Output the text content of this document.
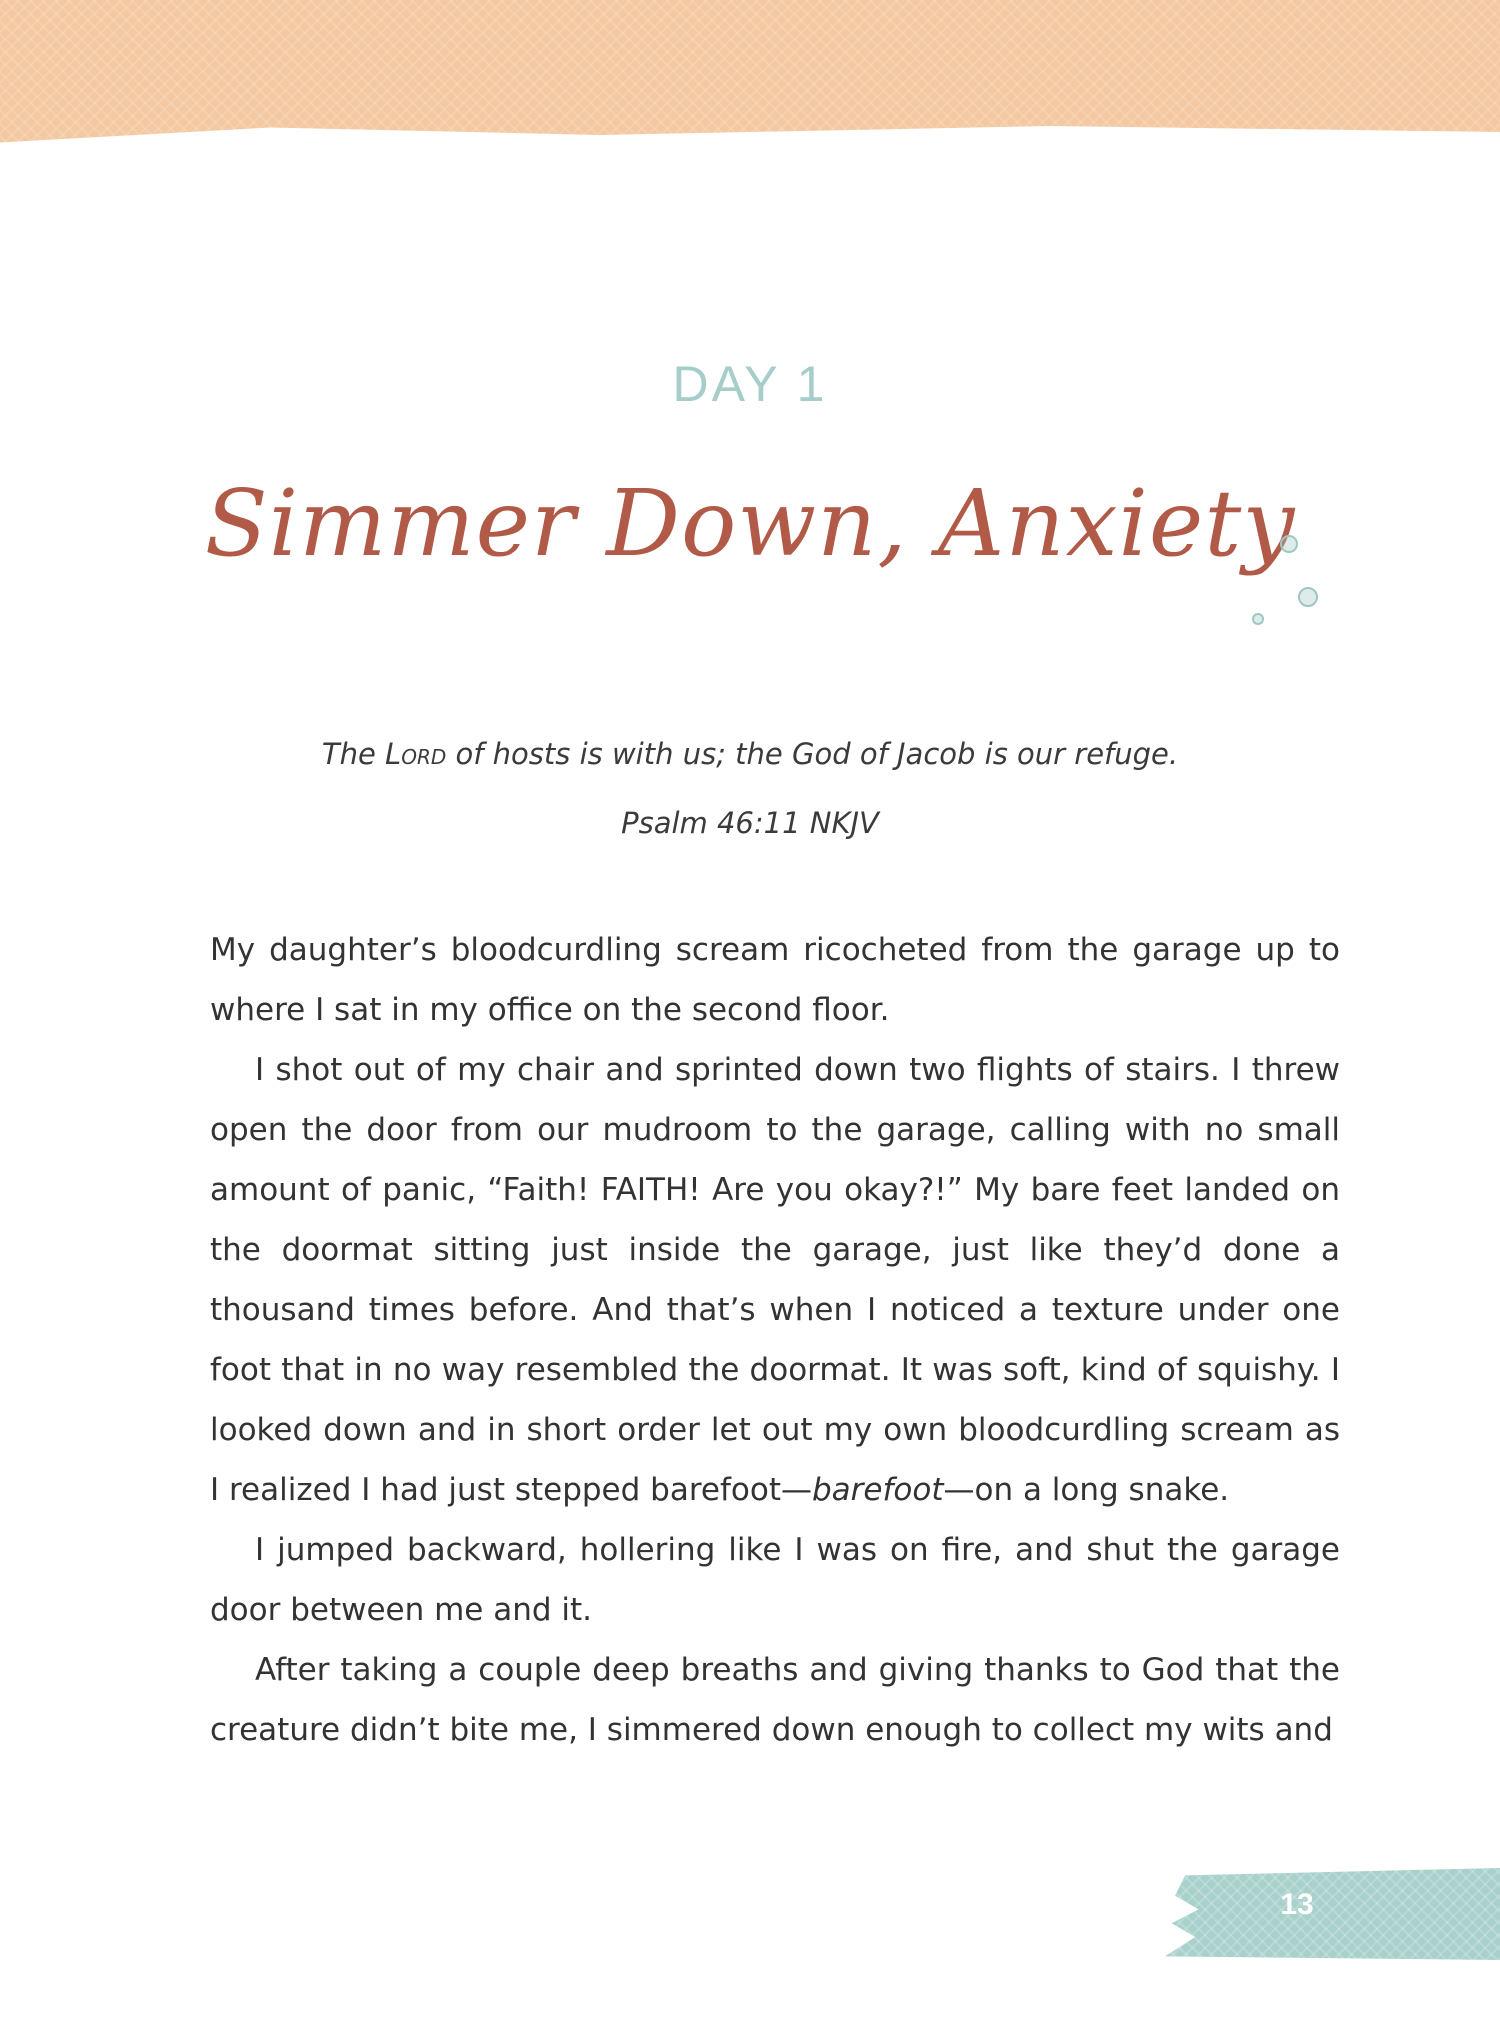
DAY 1
Simmer Down, Anxiety
The Lord of hosts is with us; the God of Jacob is our refuge.
Psalm 46:11 NKJV

My daughter’s bloodcurdling scream ricocheted from the garage up to where I sat in my office on the second floor.

I shot out of my chair and sprinted down two flights of stairs. I threw open the door from our mudroom to the garage, calling with no small amount of panic, “Faith! FAITH! Are you okay?!” My bare feet landed on the doormat sitting just inside the garage, just like they’d done a thousand times before. And that’s when I noticed a texture under one foot that in no way resembled the doormat. It was soft, kind of squishy. I looked down and in short order let out my own bloodcurdling scream as I realized I had just stepped barefoot—barefoot—on a long snake.

I jumped backward, hollering like I was on fire, and shut the garage door between me and it.

After taking a couple deep breaths and giving thanks to God that the creature didn’t bite me, I simmered down enough to collect my wits and

13
